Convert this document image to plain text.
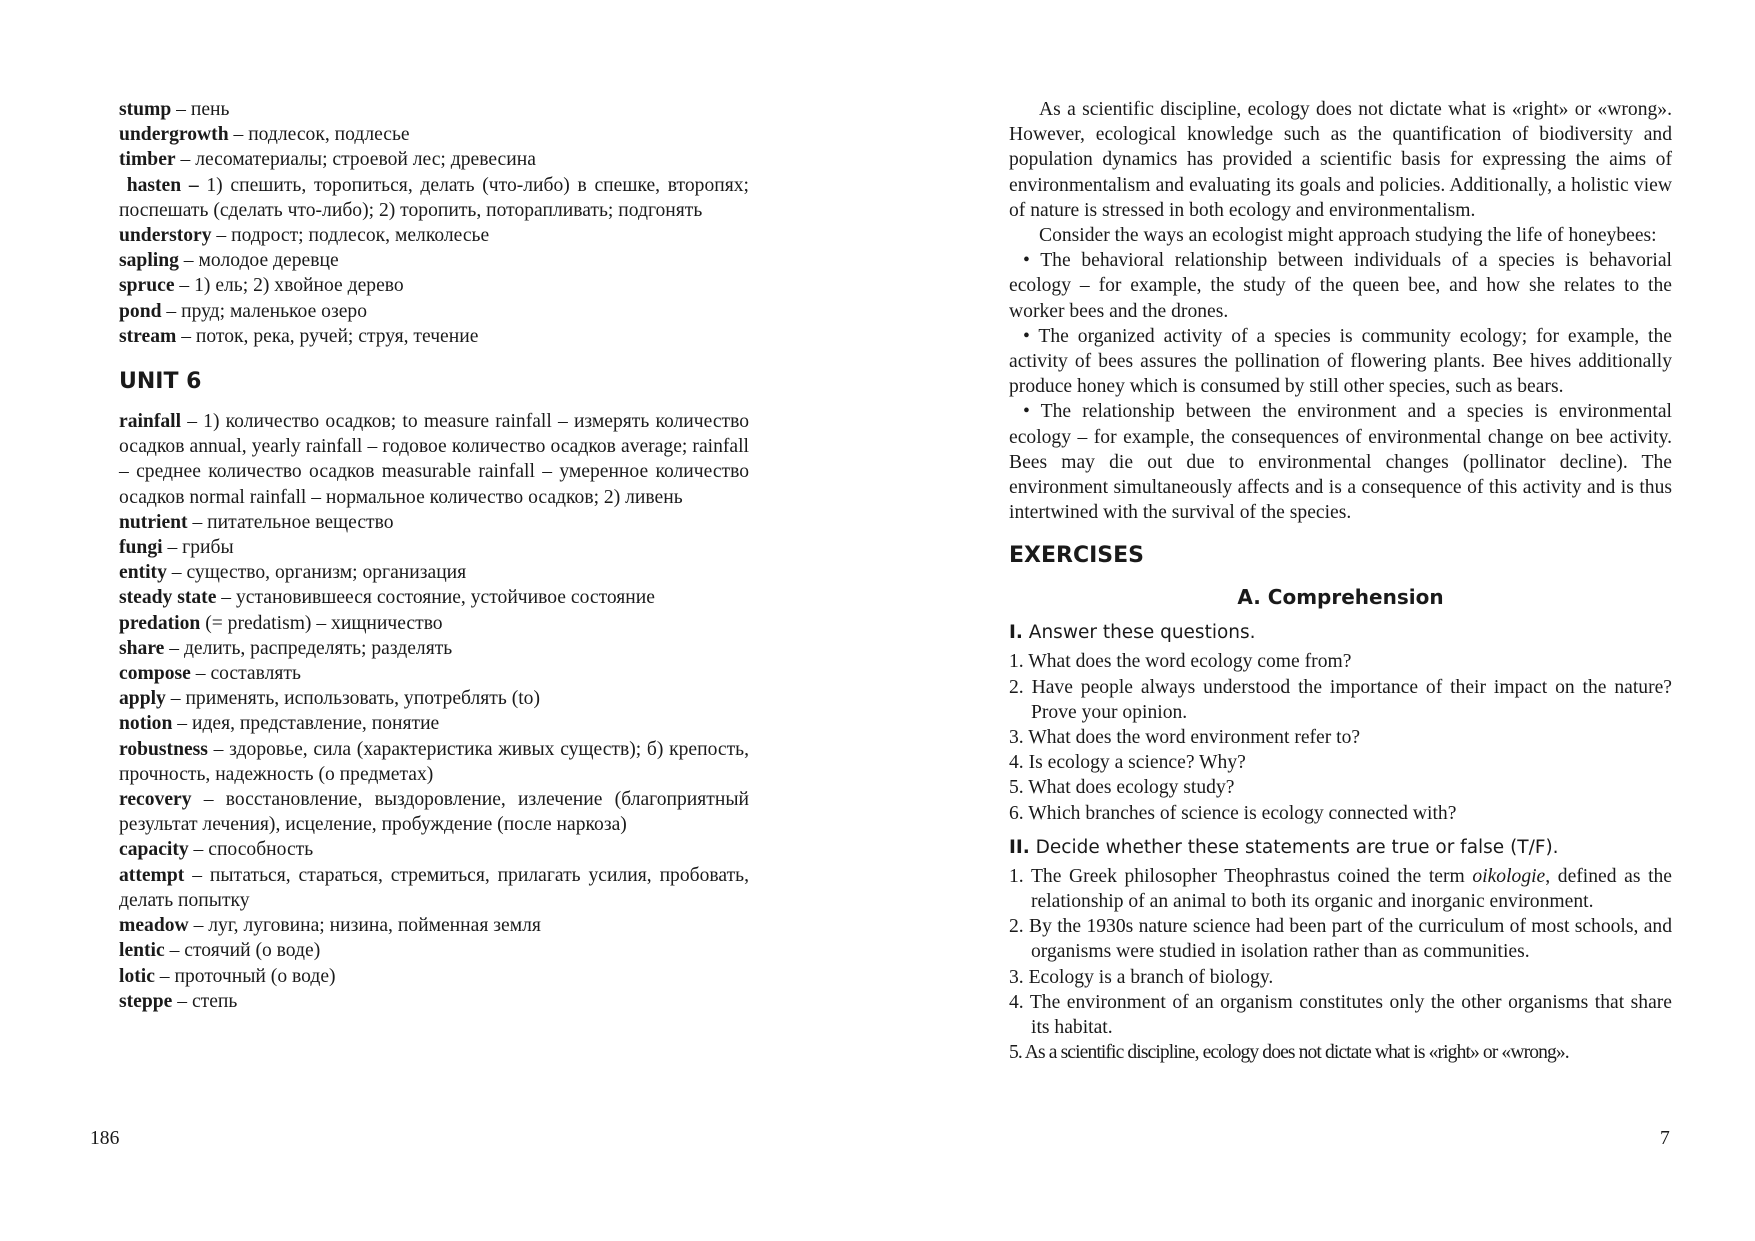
stump – пень

undergrowth – подлесок, подлесье

timber – лесоматериалы; строевой лес; древесина

hasten – 1) спешить, торопиться, делать (что-либо) в спешке, второпях; поспешать (сделать что-либо); 2) торопить, поторапливать; подгонять

understory – подрост; подлесок, мелколесье

sapling – молодое деревце

spruce – 1) ель; 2) хвойное дерево

pond – пруд; маленькое озеро

stream – поток, река, ручей; струя, течение

UNIT 6

rainfall – 1) количество осадков; to measure rainfall – измерять количество осадков annual, yearly rainfall – годовое количество осадков average; rainfall – среднее количество осадков measurable rainfall – умеренное количество осадков normal rainfall – нормальное количество осадков; 2) ливень

nutrient – питательное вещество

fungi – грибы

entity – существо, организм; организация

steady state – установившееся состояние, устойчивое состояние

predation (= predatism) – хищничество

share – делить, распределять; разделять

compose – составлять

apply – применять, использовать, употреблять (to)

notion – идея, представление, понятие

robustness – здоровье, сила (характеристика живых существ); б) крепость, прочность, надежность (о предметах)

recovery – восстановление, выздоровление, излечение (благоприятный результат лечения), исцеление, пробуждение (после наркоза)

capacity – способность

attempt – пытаться, стараться, стремиться, прилагать усилия, пробовать, делать попытку

meadow – луг, луговина; низина, пойменная земля

lentic – стоячий (о воде)

lotic – проточный (о воде)

steppe – степь

186

As a scientific discipline, ecology does not dictate what is «right» or «wrong». However, ecological knowledge such as the quantification of biodiversity and population dynamics has provided a scientific basis for expressing the aims of environmentalism and evaluating its goals and policies. Additionally, a holistic view of nature is stressed in both ecology and environmentalism.

Consider the ways an ecologist might approach studying the life of honeybees:

• The behavioral relationship between individuals of a species is behavorial ecology – for example, the study of the queen bee, and how she relates to the worker bees and the drones.

• The organized activity of a species is community ecology; for example, the activity of bees assures the pollination of flowering plants. Bee hives additionally produce honey which is consumed by still other species, such as bears.

• The relationship between the environment and a species is environmental ecology – for example, the consequences of environmental change on bee activity. Bees may die out due to environmental changes (pollinator decline). The environment simultaneously affects and is a consequence of this activity and is thus intertwined with the survival of the species.

EXERCISES
A. Comprehension
I. Answer these questions.

1. What does the word ecology come from?

2. Have people always understood the importance of their impact on the nature? Prove your opinion.

3. What does the word environment refer to?

4. Is ecology a science? Why?

5. What does ecology study?

6. Which branches of science is ecology connected with?

II. Decide whether these statements are true or false (T/F).

1. The Greek philosopher Theophrastus coined the term oikologie, defined as the relationship of an animal to both its organic and inorganic environment.

2. By the 1930s nature science had been part of the curriculum of most schools, and organisms were studied in isolation rather than as communities.

3. Ecology is a branch of biology.

4. The environment of an organism constitutes only the other organisms that share its habitat.

5. As a scientific discipline, ecology does not dictate what is «right» or «wrong».

7
